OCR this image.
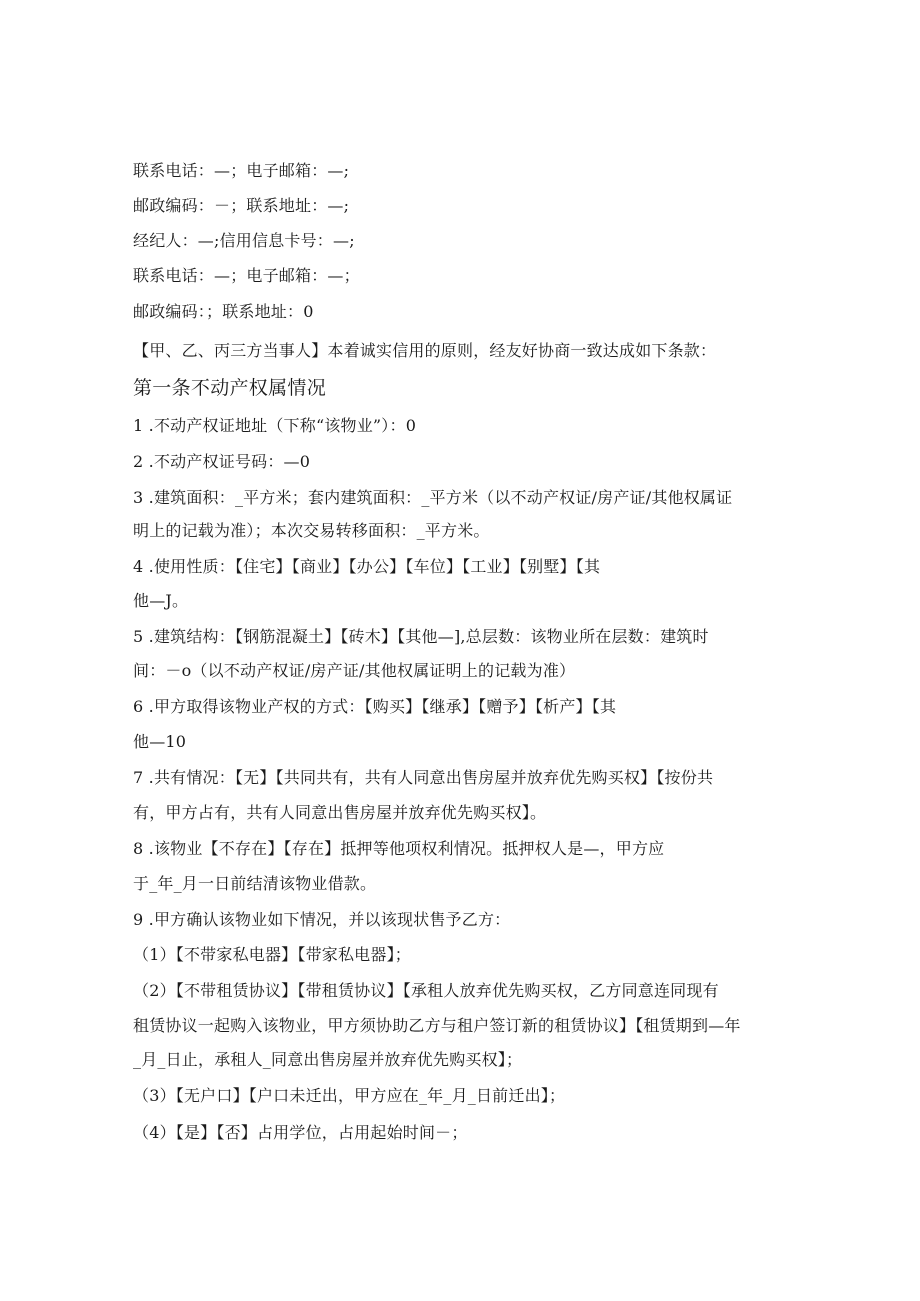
联系电话：—；电子邮箱：—;

邮政编码：－；联系地址：—;

经纪人：—;信用信息卡号：—;

联系电话：—；电子邮箱：—；

邮政编码：；联系地址：0

【甲、乙、丙三方当事人】本着诚实信用的原则，经友好协商一致达成如下条款：

第一条不动产权属情况

1 .不动产权证地址（下称“该物业”）：0

2 .不动产权证号码：—0

3 .建筑面积：_平方米；套内建筑面积：_平方米（以不动产权证/房产证/其他权属证

明上的记载为准）；本次交易转移面积：_平方米。

4 .使用性质：【住宅】【商业】【办公】【车位】【工业】【别墅】【其

他—J。

5 .建筑结构：【钢筋混凝土】【砖木】【其他—],总层数：该物业所在层数：建筑时

间：－o（以不动产权证/房产证/其他权属证明上的记载为准）

6 .甲方取得该物业产权的方式：【购买】【继承】【赠予】【析产】【其

他—10

7 .共有情况：【无】【共同共有，共有人同意出售房屋并放弃优先购买权】【按份共

有，甲方占有，共有人同意出售房屋并放弃优先购买权】。

8 .该物业【不存在】【存在】抵押等他项权利情况。抵押权人是—，甲方应

于_年_月一日前结清该物业借款。

9 .甲方确认该物业如下情况，并以该现状售予乙方：

（1）【不带家私电器】【带家私电器】；

（2）【不带租赁协议】【带租赁协议】【承租人放弃优先购买权，乙方同意连同现有

租赁协议一起购入该物业，甲方须协助乙方与租户签订新的租赁协议】【租赁期到—年

_月_日止，承租人_同意出售房屋并放弃优先购买权】；

（3）【无户口】【户口未迁出，甲方应在_年_月_日前迁出】；

（4）【是】【否】占用学位，占用起始时间－；
